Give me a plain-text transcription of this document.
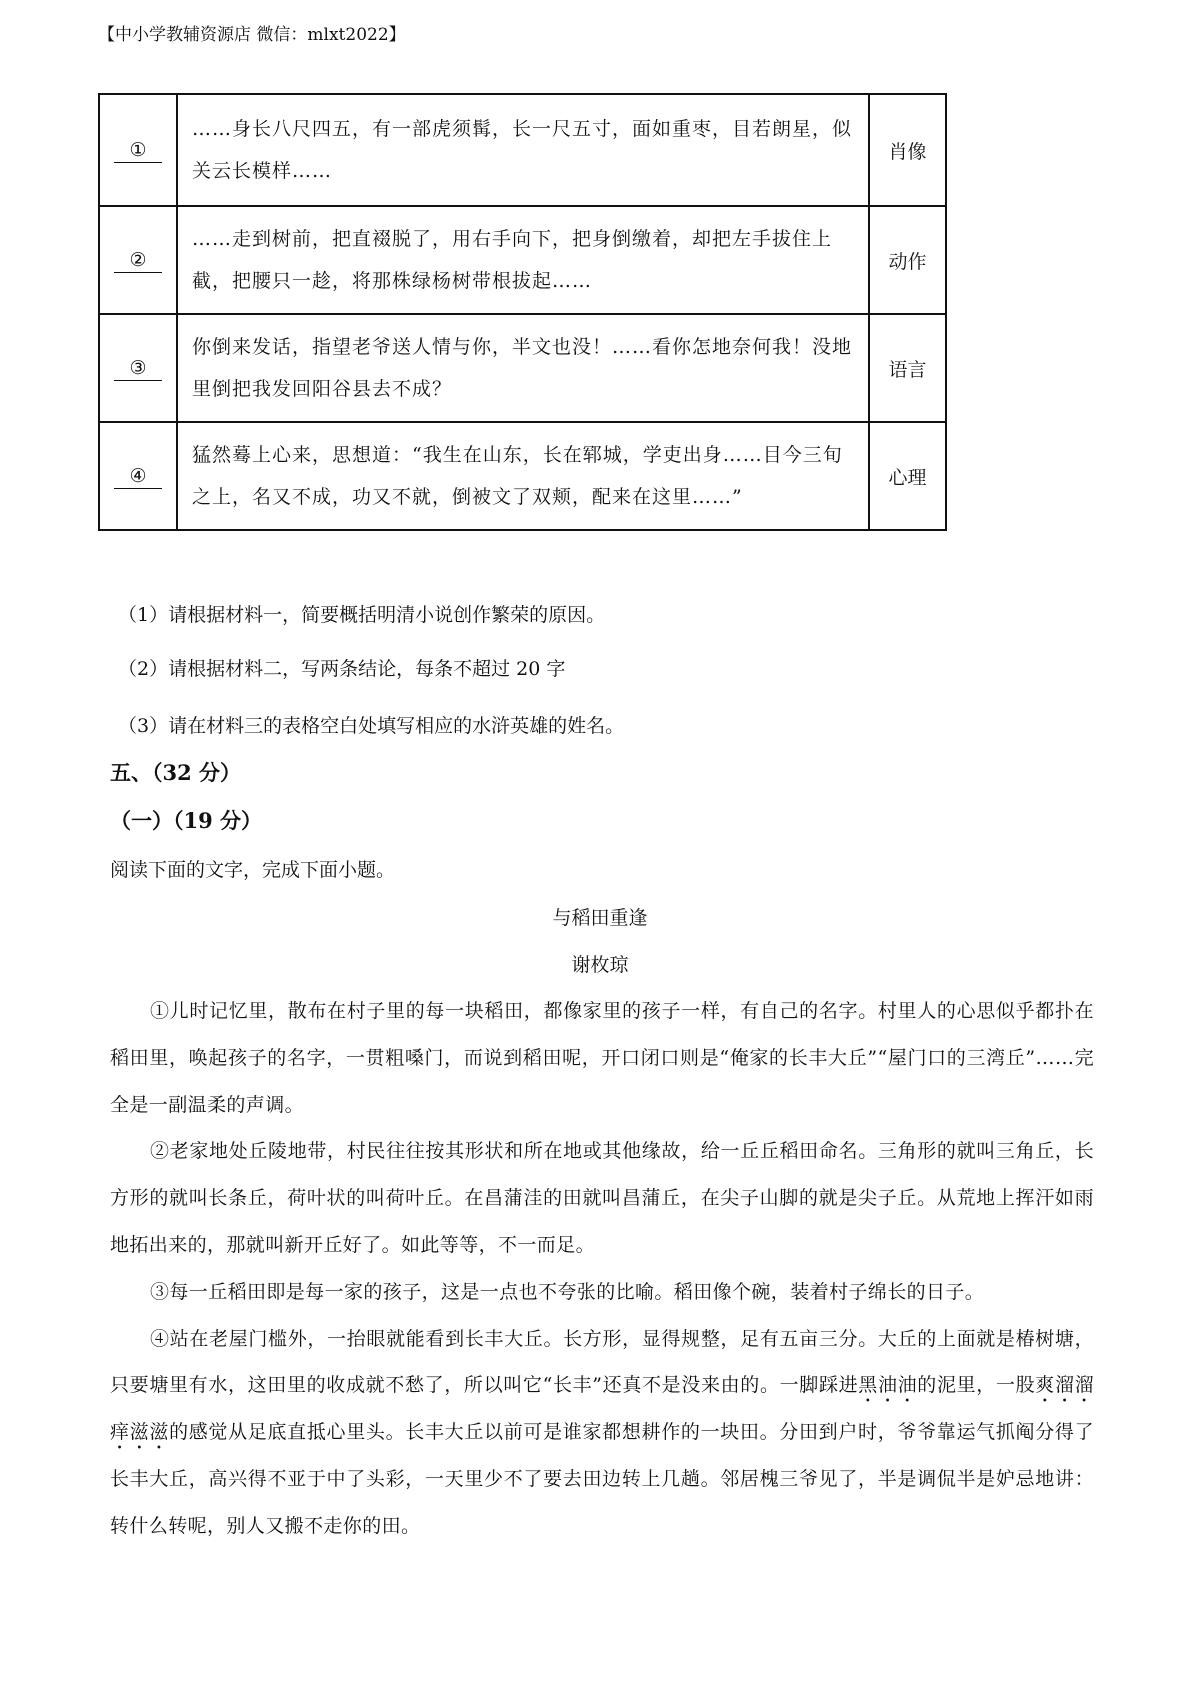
【中小学教辅资源店 微信：mlxt2022】
①	……身长八尺四五，有一部虎须髯，长一尺五寸，面如重枣，目若朗星，似关云长模样……	肖像
②	……走到树前，把直裰脱了，用右手向下，把身倒缴着，却把左手拔住上截，把腰只一趁，将那株绿杨树带根拔起……	动作
③	你倒来发话，指望老爷送人情与你，半文也没！……看你怎地奈何我！没地里倒把我发回阳谷县去不成？	语言
④	猛然蓦上心来，思想道：“我生在山东，长在郓城，学吏出身……目今三旬之上，名又不成，功又不就，倒被文了双颊，配来在这里……”	心理
（1）请根据材料一，简要概括明清小说创作繁荣的原因。
（2）请根据材料二，写两条结论，每条不超过 20 字
（3）请在材料三的表格空白处填写相应的水浒英雄的姓名。
五、（32 分）
（一）（19 分）
阅读下面的文字，完成下面小题。
与稻田重逢
谢枚琼

①儿时记忆里，散布在村子里的每一块稻田，都像家里的孩子一样，有自己的名字。村里人的心思似乎都扑在稻田里，唤起孩子的名字，一贯粗嗓门，而说到稻田呢，开口闭口则是“俺家的长丰大丘”“屋门口的三湾丘”……完全是一副温柔的声调。

②老家地处丘陵地带，村民往往按其形状和所在地或其他缘故，给一丘丘稻田命名。三角形的就叫三角丘，长方形的就叫长条丘，荷叶状的叫荷叶丘。在昌蒲洼的田就叫昌蒲丘，在尖子山脚的就是尖子丘。从荒地上挥汗如雨地拓出来的，那就叫新开丘好了。如此等等，不一而足。

③每一丘稻田即是每一家的孩子，这是一点也不夸张的比喻。稻田像个碗，装着村子绵长的日子。

④站在老屋门槛外，一抬眼就能看到长丰大丘。长方形，显得规整，足有五亩三分。大丘的上面就是椿树塘，只要塘里有水，这田里的收成就不愁了，所以叫它“长丰”还真不是没来由的。一脚踩进黑油油的泥里，一股爽溜溜痒滋滋的感觉从足底直抵心里头。长丰大丘以前可是谁家都想耕作的一块田。分田到户时，爷爷靠运气抓阄分得了长丰大丘，高兴得不亚于中了头彩，一天里少不了要去田边转上几趟。邻居槐三爷见了，半是调侃半是妒忌地讲：转什么转呢，别人又搬不走你的田。
